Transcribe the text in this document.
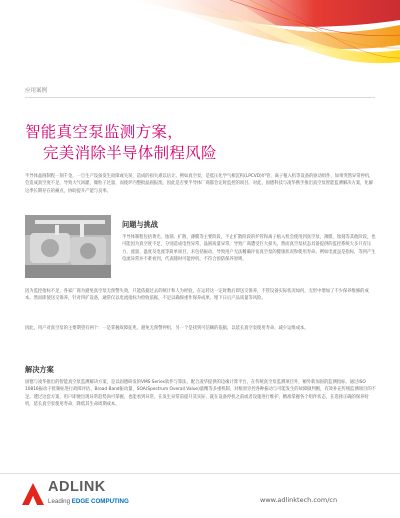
应用案例
智能真空泵监测方案，
完美消除半导体制程风险
半导体晶圆制程一刻千金，一旦生产设备发生故障或失误，造成的损失难以估计。例如真空泵，是低压化学气相沉积(LPCVD)炉管、离子植入机等设备的驱动组件，如果突然异常停机，会造成真空度不足，导致大气回灌，微粒子过量，而使炉内整批晶圆报废。因此是否要半导体厂商都会定时监控的项目。对此，固德科技与凌华携手推出真空泵智能监测解决方案，化解这季长期存在的痛点，协助提升产能与良率。
问题与挑战
半导体制程包括黄光、蚀刻、扩散、薄膜等主要阶段，不止扩散阶段的炉管和离子植入机会使用到真空泵，薄膜、蚀刻等其他阶段，也可能因为真空度不足，分别造成电性异常、晶圆质量异常，导致厂商遭受巨大损失。然而真空泵状态具备提供的监控系统大多只有压力、流量、温度及电流等简单项目，未包括振动，导致用户无法精确评估真空泵的健康状况和使用寿命。例如电流虽是指标，等到产生电流异常并不难看到，代表随时可能停机，不符合预防保养原则。
因为监控指标不足，各家厂商为避免真空泵无预警失效，只能依据过去的统计和人为经验，在运转达一定时数后即送交保养，不管设备实际状况如何，无形中增加了不少保养维修的成本。然而即使送交保养，针对四扩设备，通常仅以电流指标为检收依据，不足以确保重作保养成果，埋下日后产品质量等风险。
因此，用户对真空泵的主要期望有两个：一是掌握故障征兆，避免无预警停机，另一个是找到可信赖的依据，以延长真空泵使用寿命，减少运维成本。
解决方案
固德与凌华推出的智能真空泵监测解决方案，是以固德研发的VMS Series软件与算法，配合凌华提供的边缘计算平台，在传统真空泵监测项目外，额外新加固的监测指标，通过ISO 10816振动干扰频标进行故障评估、Broad Band振动量、SOA(Spectrum Overall Value)量精等多重机制，对根原旁控各种振动与可能发生的故障做判断，有效补充传统监测项目的不足。透过这套方案，用户即便出现异常趋势尚可掌握，也能看到异常，在发生异常前提升其实际，就在设备停机之前或者设施进行维护，精准掌握各个组件状态，在选择正确的保养时机，延长真空泵使用寿命，降低其生命周期成本。
ADLINK
Leading EDGE COMPUTING	www.adlinktech.com/cn
